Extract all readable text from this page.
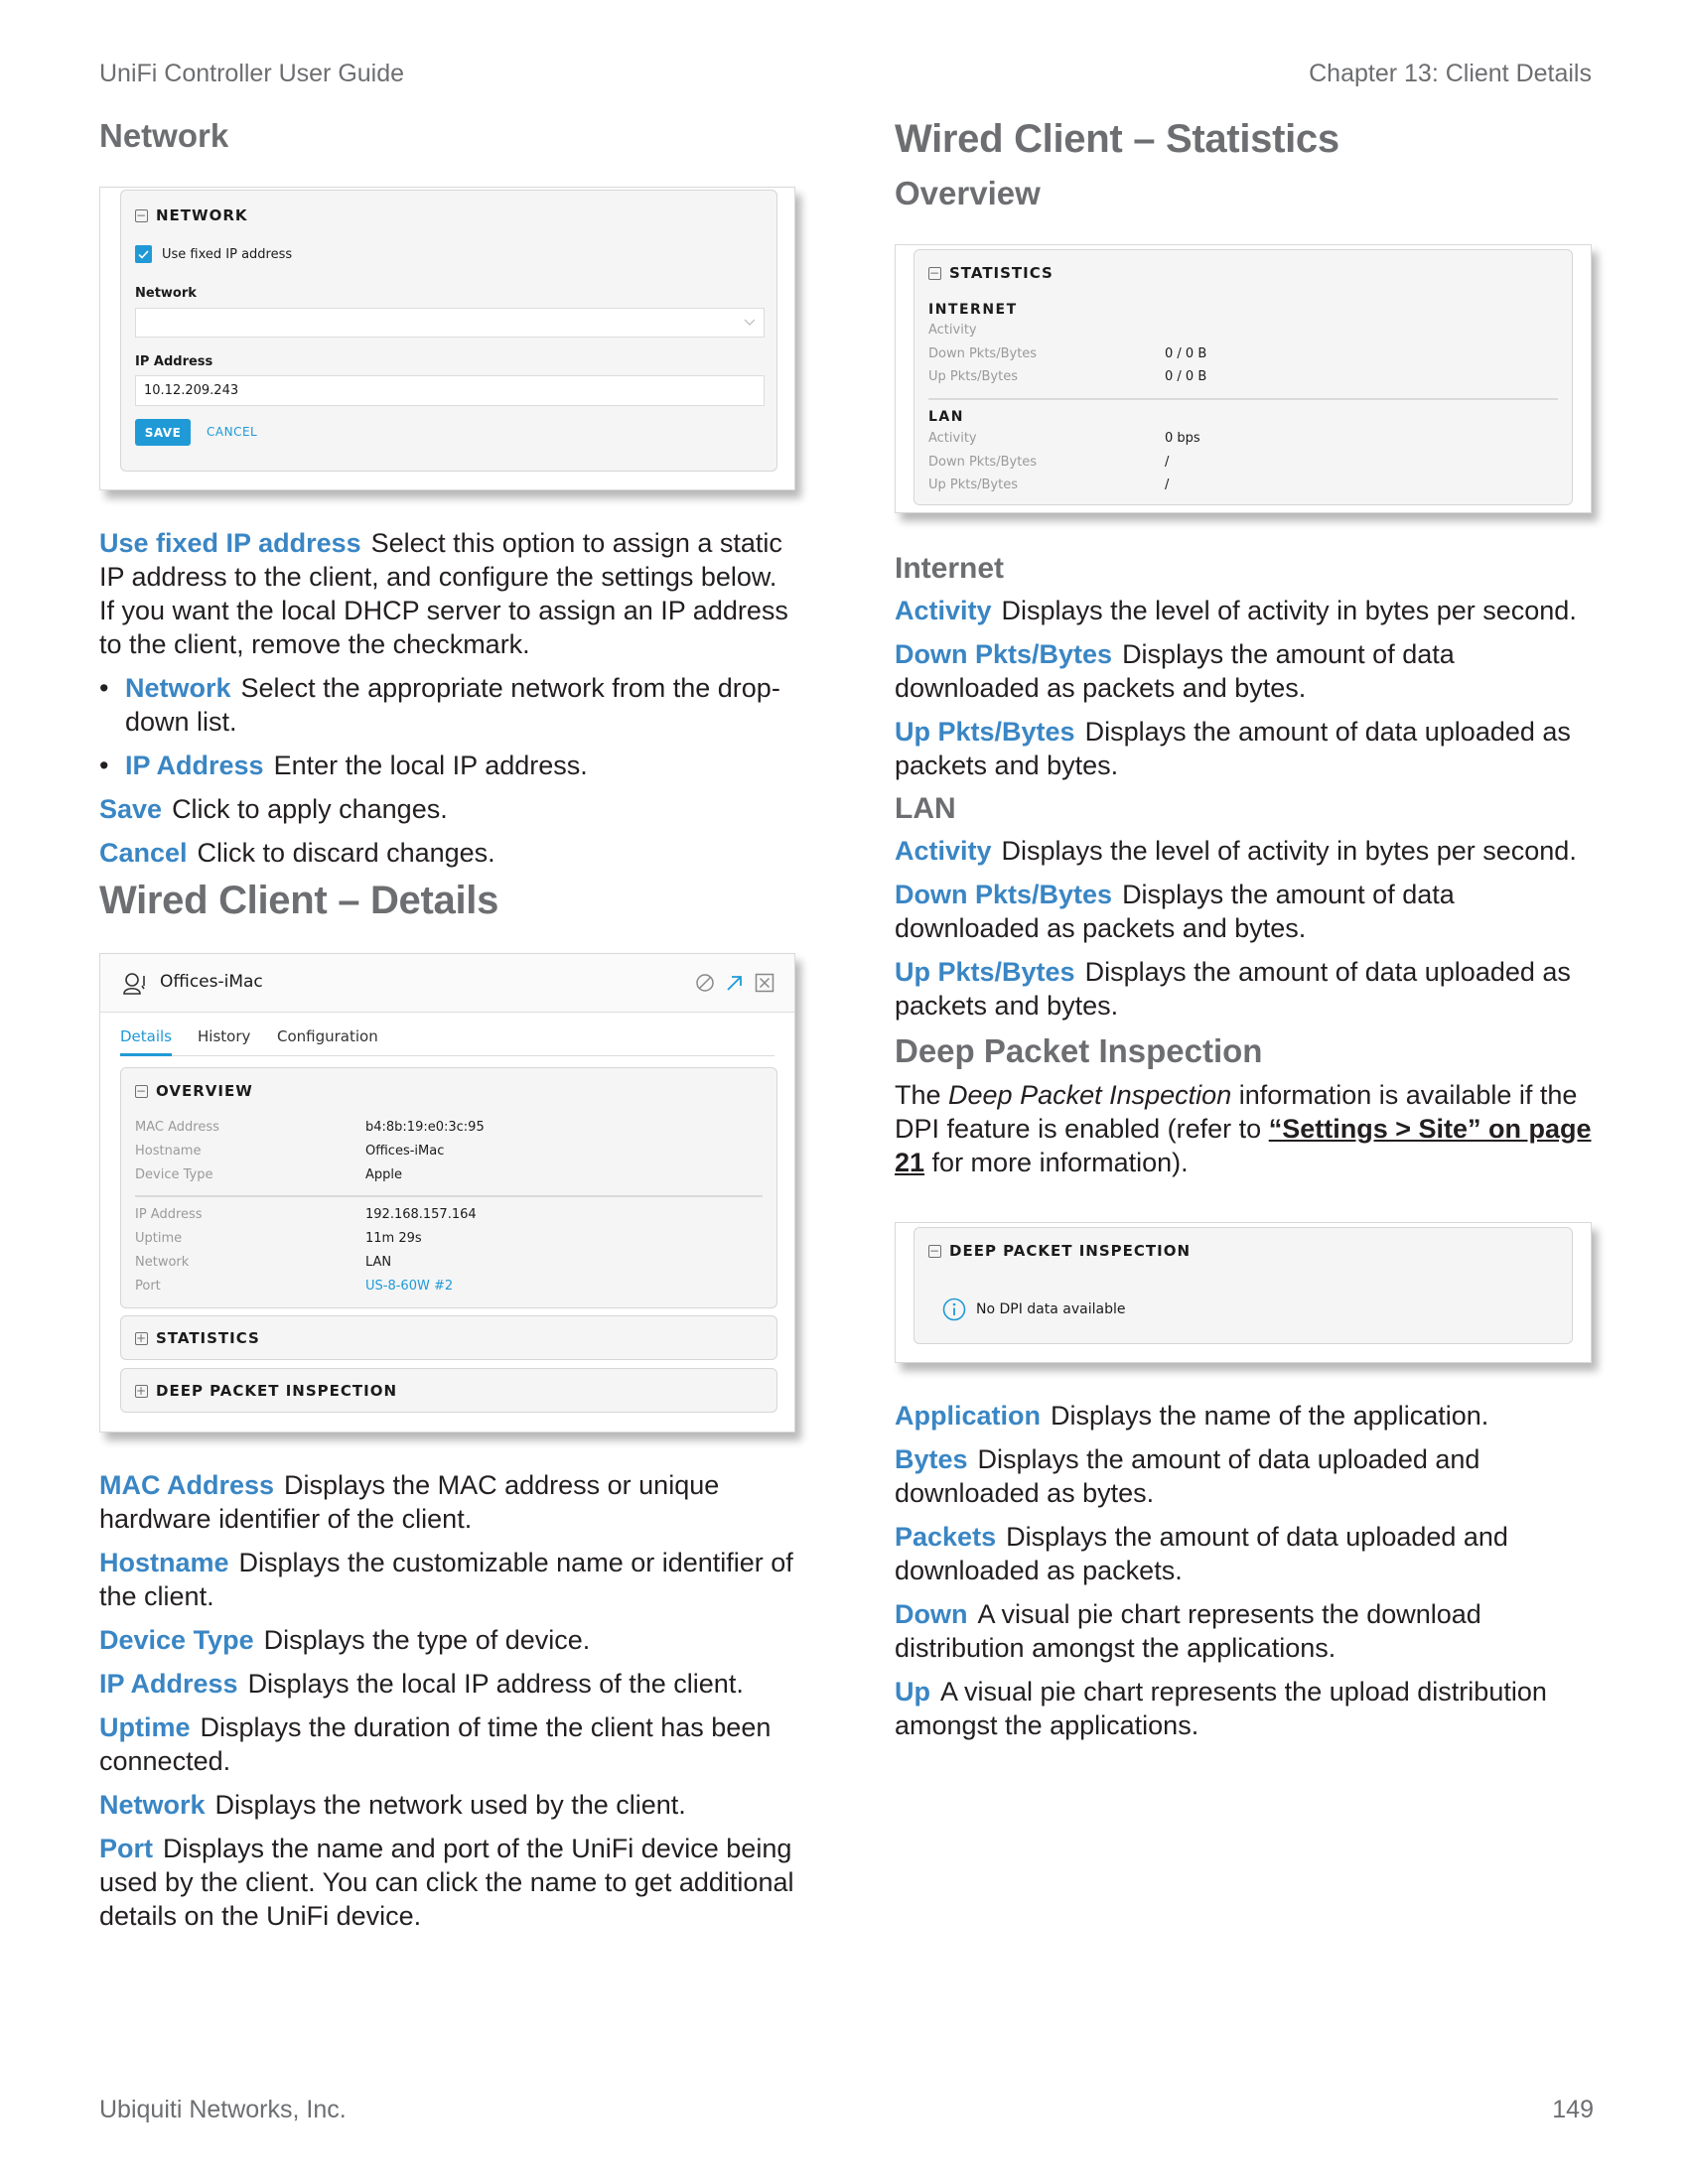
UniFi Controller User Guide	Chapter 13: Client Details
Network
− NETWORK
Use fixed IP address
Network
IP Address
10.12.209.243
SAVE	CANCEL

Use fixed IP address Select this option to assign a static IP address to the client, and configure the settings below. If you want the local DHCP server to assign an IP address to the client, remove the checkmark.

• Network Select the appropriate network from the drop-down list.
• IP Address Enter the local IP address.

Save Click to apply changes.

Cancel Click to discard changes.

Wired Client – Details
Offices-iMac
Details History Configuration
− OVERVIEW
MAC Address	b4:8b:19:e0:3c:95
Hostname	Offices-iMac
Device Type	Apple
IP Address	192.168.157.164
Uptime	11m 29s
Network	LAN
Port	US-8-60W #2
+ STATISTICS
+ DEEP PACKET INSPECTION

MAC Address Displays the MAC address or unique hardware identifier of the client.

Hostname Displays the customizable name or identifier of the client.

Device Type Displays the type of device.

IP Address Displays the local IP address of the client.

Uptime Displays the duration of time the client has been connected.

Network Displays the network used by the client.

Port Displays the name and port of the UniFi device being used by the client. You can click the name to get additional details on the UniFi device.

Wired Client – Statistics
Overview
− STATISTICS
INTERNET
Activity
Down Pkts/Bytes	0 / 0 B
Up Pkts/Bytes	0 / 0 B
LAN
Activity	0 bps
Down Pkts/Bytes	/
Up Pkts/Bytes	/
Internet

Activity Displays the level of activity in bytes per second.

Down Pkts/Bytes Displays the amount of data downloaded as packets and bytes.

Up Pkts/Bytes Displays the amount of data uploaded as packets and bytes.

LAN

Activity Displays the level of activity in bytes per second.

Down Pkts/Bytes Displays the amount of data downloaded as packets and bytes.

Up Pkts/Bytes Displays the amount of data uploaded as packets and bytes.

Deep Packet Inspection

The Deep Packet Inspection information is available if the DPI feature is enabled (refer to “Settings > Site” on page 21 for more information).

− DEEP PACKET INSPECTION
No DPI data available

Application Displays the name of the application.

Bytes Displays the amount of data uploaded and downloaded as bytes.

Packets Displays the amount of data uploaded and downloaded as packets.

Down A visual pie chart represents the download distribution amongst the applications.

Up A visual pie chart represents the upload distribution amongst the applications.

Ubiquiti Networks, Inc.	149
